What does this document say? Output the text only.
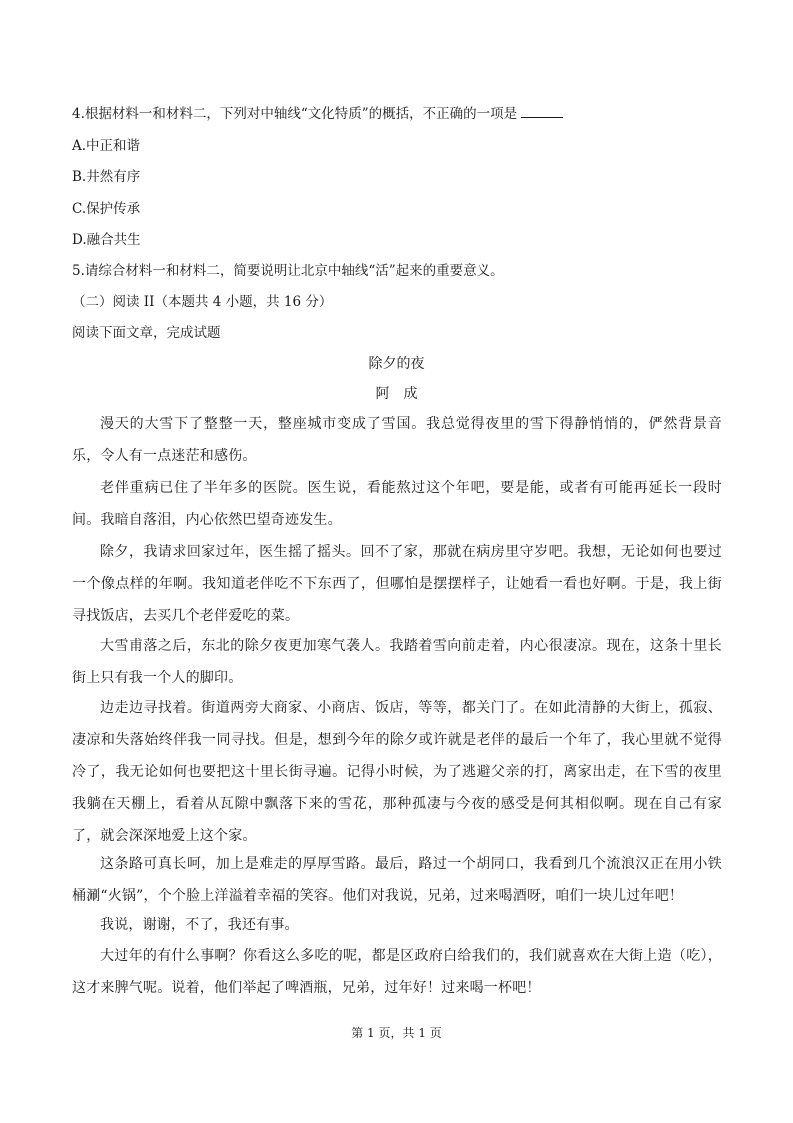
4.根据材料一和材料二，下列对中轴线“文化特质”的概括，不正确的一项是
A.中正和谐
B.井然有序
C.保护传承
D.融合共生
5.请综合材料一和材料二，简要说明让北京中轴线“活”起来的重要意义。
（二）阅读 II（本题共 4 小题，共 16 分）
阅读下面文章，完成试题
除夕的夜
阿　成
漫天的大雪下了整整一天，整座城市变成了雪国。我总觉得夜里的雪下得静悄悄的，俨然背景音乐，令人有一点迷茫和感伤。
老伴重病已住了半年多的医院。医生说，看能熬过这个年吧，要是能，或者有可能再延长一段时间。我暗自落泪，内心依然巴望奇迹发生。
除夕，我请求回家过年，医生摇了摇头。回不了家，那就在病房里守岁吧。我想，无论如何也要过一个像点样的年啊。我知道老伴吃不下东西了，但哪怕是摆摆样子，让她看一看也好啊。于是，我上街寻找饭店，去买几个老伴爱吃的菜。
大雪甫落之后，东北的除夕夜更加寒气袭人。我踏着雪向前走着，内心很凄凉。现在，这条十里长街上只有我一个人的脚印。
边走边寻找着。街道两旁大商家、小商店、饭店，等等，都关门了。在如此清静的大街上，孤寂、凄凉和失落始终伴我一同寻找。但是，想到今年的除夕或许就是老伴的最后一个年了，我心里就不觉得冷了，我无论如何也要把这十里长街寻遍。记得小时候，为了逃避父亲的打，离家出走，在下雪的夜里我躺在天棚上，看着从瓦隙中飘落下来的雪花，那种孤凄与今夜的感受是何其相似啊。现在自己有家了，就会深深地爱上这个家。
这条路可真长呵，加上是难走的厚厚雪路。最后，路过一个胡同口，我看到几个流浪汉正在用小铁桶涮“火锅”，个个脸上洋溢着幸福的笑容。他们对我说，兄弟，过来喝酒呀，咱们一块儿过年吧！
我说，谢谢，不了，我还有事。
大过年的有什么事啊？你看这么多吃的呢，都是区政府白给我们的，我们就喜欢在大街上造（吃），这才来脾气呢。说着，他们举起了啤酒瓶，兄弟，过年好！过来喝一杯吧！
第 1 页，共 1 页
